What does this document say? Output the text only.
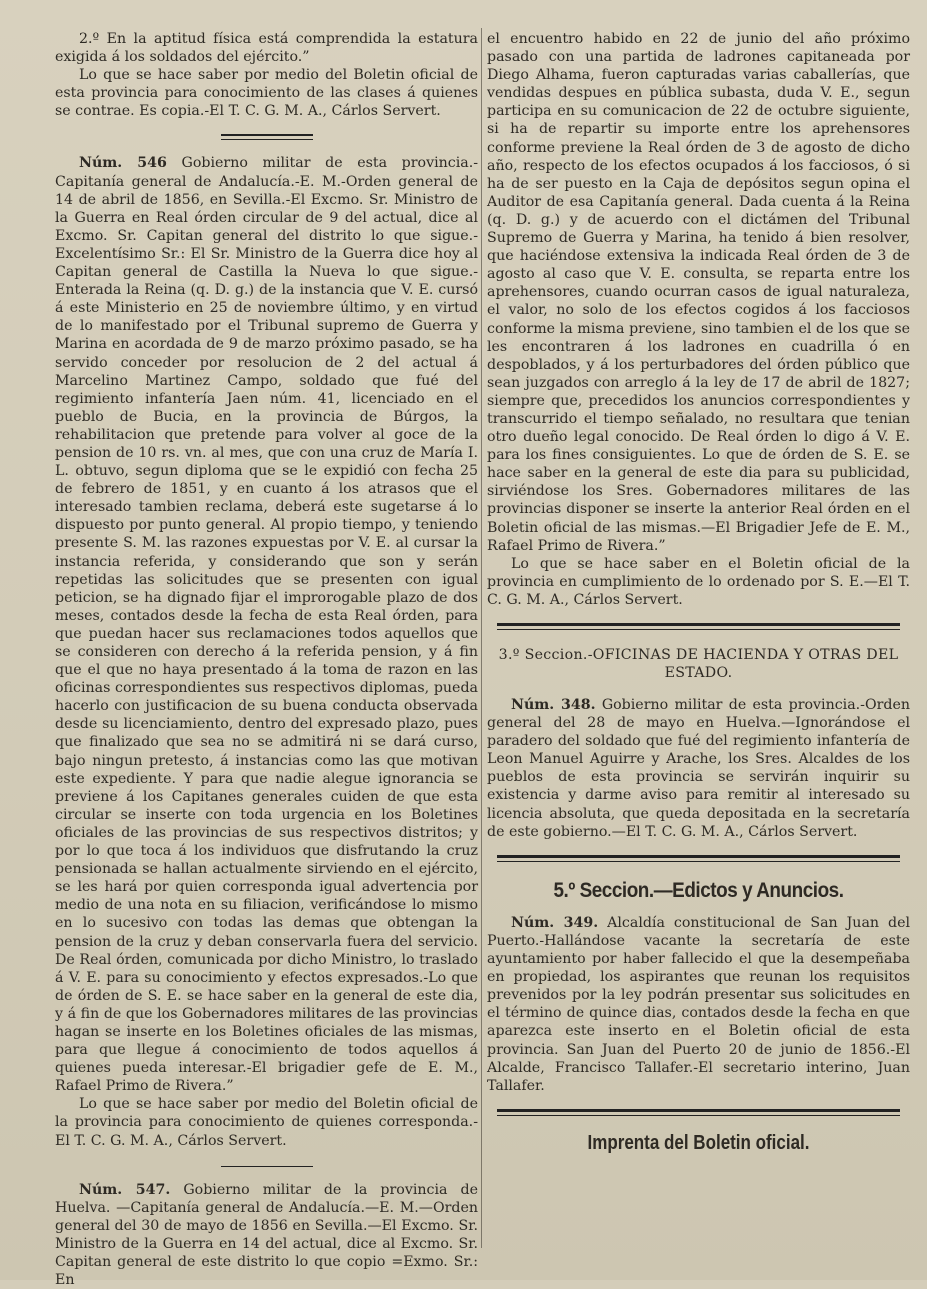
2.º En la aptitud física está comprendida la estatura exigida á los soldados del ejército.”

Lo que se hace saber por medio del Boletin oficial de esta provincia para conocimiento de las clases á quienes se contrae. Es copia.-El T. C. G. M. A., Cárlos Servert.

Núm. 546 Gobierno militar de esta provincia.-Capitanía general de Andalucía.-E. M.-Orden general de 14 de abril de 1856, en Sevilla.-El Excmo. Sr. Ministro de la Guerra en Real órden circular de 9 del actual, dice al Excmo. Sr. Capitan general del distrito lo que sigue.-Excelentísimo Sr.: El Sr. Ministro de la Guerra dice hoy al Capitan general de Castilla la Nueva lo que sigue.-Enterada la Reina (q. D. g.) de la instancia que V. E. cursó á este Ministerio en 25 de noviembre último, y en virtud de lo manifestado por el Tribunal supremo de Guerra y Marina en acordada de 9 de marzo próximo pasado, se ha servido conceder por resolucion de 2 del actual á Marcelino Martinez Campo, soldado que fué del regimiento infantería Jaen núm. 41, licenciado en el pueblo de Bucia, en la provincia de Búrgos, la rehabilitacion que pretende para volver al goce de la pension de 10 rs. vn. al mes, que con una cruz de María I. L. obtuvo, segun diploma que se le expidió con fecha 25 de febrero de 1851, y en cuanto á los atrasos que el interesado tambien reclama, deberá este sugetarse á lo dispuesto por punto general. Al propio tiempo, y teniendo presente S. M. las razones expuestas por V. E. al cursar la instancia referida, y considerando que son y serán repetidas las solicitudes que se presenten con igual peticion, se ha dignado fijar el improrogable plazo de dos meses, contados desde la fecha de esta Real órden, para que puedan hacer sus reclamaciones todos aquellos que se consideren con derecho á la referida pension, y á fin que el que no haya presentado á la toma de razon en las oficinas correspondientes sus respectivos diplomas, pueda hacerlo con justificacion de su buena conducta observada desde su licenciamiento, dentro del expresado plazo, pues que finalizado que sea no se admitirá ni se dará curso, bajo ningun pretesto, á instancias como las que motivan este expediente. Y para que nadie alegue ignorancia se previene á los Capitanes generales cuiden de que esta circular se inserte con toda urgencia en los Boletines oficiales de las provincias de sus respectivos distritos; y por lo que toca á los individuos que disfrutando la cruz pensionada se hallan actualmente sirviendo en el ejército, se les hará por quien corresponda igual advertencia por medio de una nota en su filiacion, verificándose lo mismo en lo sucesivo con todas las demas que obtengan la pension de la cruz y deban conservarla fuera del servicio. De Real órden, comunicada por dicho Ministro, lo traslado á V. E. para su conocimiento y efectos expresados.-Lo que de órden de S. E. se hace saber en la general de este dia, y á fin de que los Gobernadores militares de las provincias hagan se inserte en los Boletines oficiales de las mismas, para que llegue á conocimiento de todos aquellos á quienes pueda interesar.-El brigadier gefe de E. M., Rafael Primo de Rivera.”

Lo que se hace saber por medio del Boletin oficial de la provincia para conocimiento de quienes corresponda.-El T. C. G. M. A., Cárlos Servert.

Núm. 547. Gobierno militar de la provincia de Huelva. —Capitanía general de Andalucía.—E. M.—Orden general del 30 de mayo de 1856 en Sevilla.—El Excmo. Sr. Ministro de la Guerra en 14 del actual, dice al Excmo. Sr. Capitan general de este distrito lo que copio =Exmo. Sr.: En

el encuentro habido en 22 de junio del año próximo pasado con una partida de ladrones capitaneada por Diego Alhama, fueron capturadas varias caballerías, que vendidas despues en pública subasta, duda V. E., segun participa en su comunicacion de 22 de octubre siguiente, si ha de repartir su importe entre los aprehensores conforme previene la Real órden de 3 de agosto de dicho año, respecto de los efectos ocupados á los facciosos, ó si ha de ser puesto en la Caja de depósitos segun opina el Auditor de esa Capitanía general. Dada cuenta á la Reina (q. D. g.) y de acuerdo con el dictámen del Tribunal Supremo de Guerra y Marina, ha tenido á bien resolver, que haciéndose extensiva la indicada Real órden de 3 de agosto al caso que V. E. consulta, se reparta entre los aprehensores, cuando ocurran casos de igual naturaleza, el valor, no solo de los efectos cogidos á los facciosos conforme la misma previene, sino tambien el de los que se les encontraren á los ladrones en cuadrilla ó en despoblados, y á los perturbadores del órden público que sean juzgados con arreglo á la ley de 17 de abril de 1827; siempre que, precedidos los anuncios correspondientes y transcurrido el tiempo señalado, no resultara que tenian otro dueño legal conocido. De Real órden lo digo á V. E. para los fines consiguientes. Lo que de órden de S. E. se hace saber en la general de este dia para su publicidad, sirviéndose los Sres. Gobernadores militares de las provincias disponer se inserte la anterior Real órden en el Boletin oficial de las mismas.—El Brigadier Jefe de E. M., Rafael Primo de Rivera.”

Lo que se hace saber en el Boletin oficial de la provincia en cumplimiento de lo ordenado por S. E.—El T. C. G. M. A., Cárlos Servert.

3.º Seccion.-OFICINAS DE HACIENDA Y OTRAS DEL ESTADO.

Núm. 348. Gobierno militar de esta provincia.-Orden general del 28 de mayo en Huelva.—Ignorándose el paradero del soldado que fué del regimiento infantería de Leon Manuel Aguirre y Arache, los Sres. Alcaldes de los pueblos de esta provincia se servirán inquirir su existencia y darme aviso para remitir al interesado su licencia absoluta, que queda depositada en la secretaría de este gobierno.—El T. C. G. M. A., Cárlos Servert.

5.º Seccion.—Edictos y Anuncios.

Núm. 349. Alcaldía constitucional de San Juan del Puerto.-Hallándose vacante la secretaría de este ayuntamiento por haber fallecido el que la desempeñaba en propiedad, los aspirantes que reunan los requisitos prevenidos por la ley podrán presentar sus solicitudes en el término de quince dias, contados desde la fecha en que aparezca este inserto en el Boletin oficial de esta provincia. San Juan del Puerto 20 de junio de 1856.-El Alcalde, Francisco Tallafer.-El secretario interino, Juan Tallafer.

Imprenta del Boletin oficial.
